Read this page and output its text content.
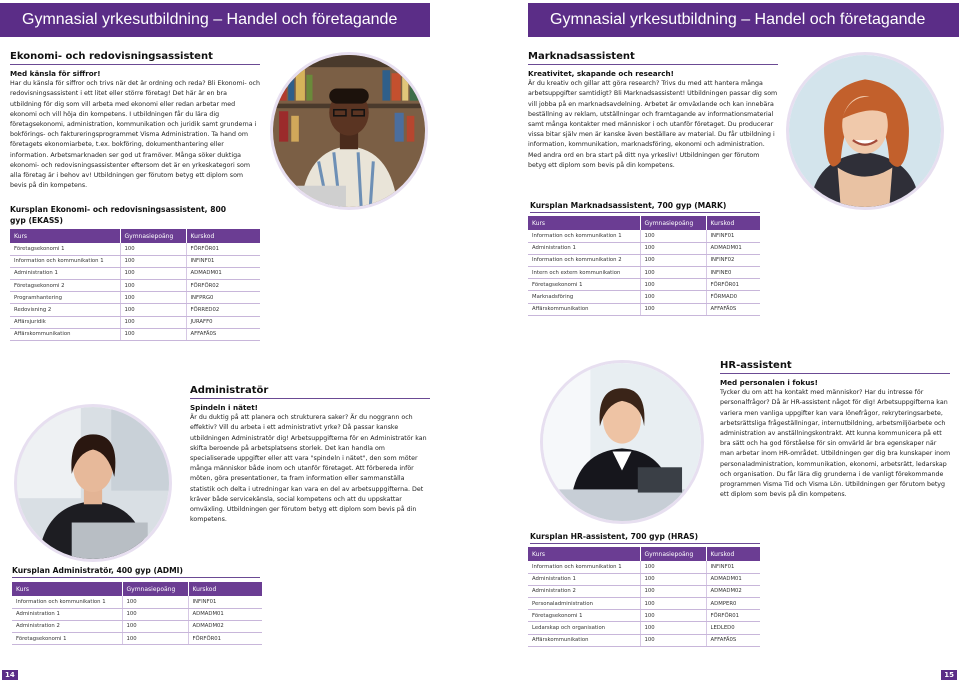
Gymnasial yrkesutbildning – Handel och företagande
Ekonomi- och redovisningsassistent
Med känsla för siffror!
Har du känsla för siffror och trivs när det är ordning och reda? Bli Ekonomi- och redovisningsassistent i ett litet eller större företag! Det här är en bra utbildning för dig som vill arbeta med ekonomi eller redan arbetar med ekonomi och vill höja din kompetens. I utbildningen får du lära dig företagsekonomi, administration, kommunikation och juridik samt grunderna i bokförings- och faktureringsprogrammet Visma Administration. Ta hand om företagets ekonomiarbete, t.ex. bokföring, dokumenthantering eller information. Arbetsmarknaden ser god ut framöver. Många söker duktiga ekonomi- och redovisningsassistenter eftersom det är en yrkeskategori som alla företag är i behov av! Utbildningen ger förutom betyg ett diplom som bevis på din kompetens.
Kursplan Ekonomi- och redovisningsassistent, 800 gyp (EKASS)
Kurs	Gymnasiepoäng	Kurskod
Företagsekonomi 1	100	FÖRFÖR01
Information och kommunikation 1	100	INFINF01
Administration 1	100	ADMADM01
Företagsekonomi 2	100	FÖRFÖR02
Programhantering	100	INFPRG0
Redovisning 2	100	FÖRRED02
Affärsjuridik	100	JURAFF0
Affärskommunikation	100	AFFAFÄ0S
Administratör
Spindeln i nätet!
Är du duktig på att planera och strukturera saker? Är du noggrann och effektiv? Vill du arbeta i ett administrativt yrke? Då passar kanske utbildningen Administratör dig! Arbetsuppgifterna för en Administratör kan skifta beroende på arbetsplatsens storlek. Det kan handla om specialiserade uppgifter eller att vara "spindeln i nätet", den som möter många människor både inom och utanför företaget. Att förbereda inför möten, göra presentationer, ta fram information eller sammanställa statistik och delta i utredningar kan vara en del av arbetsuppgifterna. Det kräver både servicekänsla, social kompetens och att du uppskattar omväxling. Utbildningen ger förutom betyg ett diplom som bevis på din kompetens.
Kursplan Administratör, 400 gyp (ADMI)
Kurs	Gymnasiepoäng	Kurskod
Information och kommunikation 1	100	INFINF01
Administration 1	100	ADMADM01
Administration 2	100	ADMADM02
Företagsekonomi 1	100	FÖRFÖR01
14
Gymnasial yrkesutbildning – Handel och företagande
Marknadsassistent
Kreativitet, skapande och research!
Är du kreativ och gillar att göra research? Trivs du med att hantera många arbetsuppgifter samtidigt? Bli Marknadsassistent! Utbildningen passar dig som vill jobba på en marknadsavdelning. Arbetet är omväxlande och kan innebära beställning av reklam, utställningar och framtagande av informationsmaterial samt många kontakter med människor i och utanför företaget. Du producerar vissa bitar själv men är kanske även beställare av material. Du får utbildning i information, kommunikation, marknadsföring, ekonomi och administration. Med andra ord en bra start på ditt nya yrkesliv! Utbildningen ger förutom betyg ett diplom som bevis på din kompetens.
Kursplan Marknadsassistent, 700 gyp (MARK)
Kurs	Gymnasiepoäng	Kurskod
Information och kommunikation 1	100	INFINF01
Administration 1	100	ADMADM01
Information och kommunikation 2	100	INFINF02
Intern och extern kommunikation	100	INFINE0
Företagsekonomi 1	100	FÖRFÖR01
Marknadsföring	100	FÖRMAD0
Affärskommunikation	100	AFFAFÄ0S
HR-assistent
Med personalen i fokus!
Tycker du om att ha kontakt med människor? Har du intresse för personalfrågor? Då är HR-assistent något för dig! Arbetsuppgifterna kan variera men vanliga uppgifter kan vara lönefrågor, rekryteringsarbete, arbetsrättsliga frågeställningar, internutbildning, arbetsmiljöarbete och administration av anställningskontrakt. Att kunna kommunicera på ett bra sätt och ha god förståelse för sin omvärld är bra egenskaper när man arbetar inom HR-området. Utbildningen ger dig bra kunskaper inom personaladministration, kommunikation, ekonomi, arbetsrätt, ledarskap och organisation. Du får lära dig grunderna i de vanligt förekommande programmen Visma Tid och Visma Lön. Utbildningen ger förutom betyg ett diplom som bevis på din kompetens.
Kursplan HR-assistent, 700 gyp (HRAS)
Kurs	Gymnasiepoäng	Kurskod
Information och kommunikation 1	100	INFINF01
Administration 1	100	ADMADM01
Administration 2	100	ADMADM02
Personaladministration	100	ADMPER0
Företagsekonomi 1	100	FÖRFÖR01
Ledarskap och organisation	100	LEDLED0
Affärskommunikation	100	AFFAFÄ0S
15
